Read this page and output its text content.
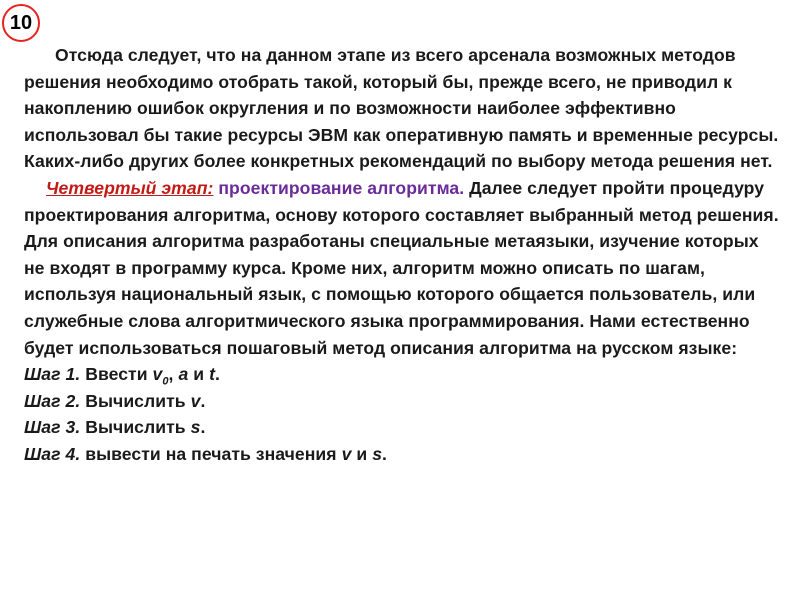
10

Отсюда следует, что на данном этапе из всего арсенала возможных методов решения необходимо отобрать такой, который бы, прежде всего, не приводил к накоплению ошибок округления и по возможности наиболее эффективно использовал бы такие ресурсы ЭВМ как оперативную память и временные ресурсы. Каких-либо других более конкретных рекомендаций по выбору метода решения нет.

Четвертый этап: проектирование алгоритма. Далее следует пройти процедуру проектирования алгоритма, основу которого составляет выбранный метод решения. Для описания алгоритма разработаны специальные метаязыки, изучение которых не входят в программу курса. Кроме них, алгоритм можно описать по шагам, используя национальный язык, с помощью которого общается пользователь, или служебные слова алгоритмического языка программирования. Нами естественно будет использоваться пошаговый метод описания алгоритма на русском языке:

Шаг 1. Ввести $v_0$, a и t.

Шаг 2. Вычислить v.

Шаг 3. Вычислить s.

Шаг 4. вывести на печать значения v и s.
